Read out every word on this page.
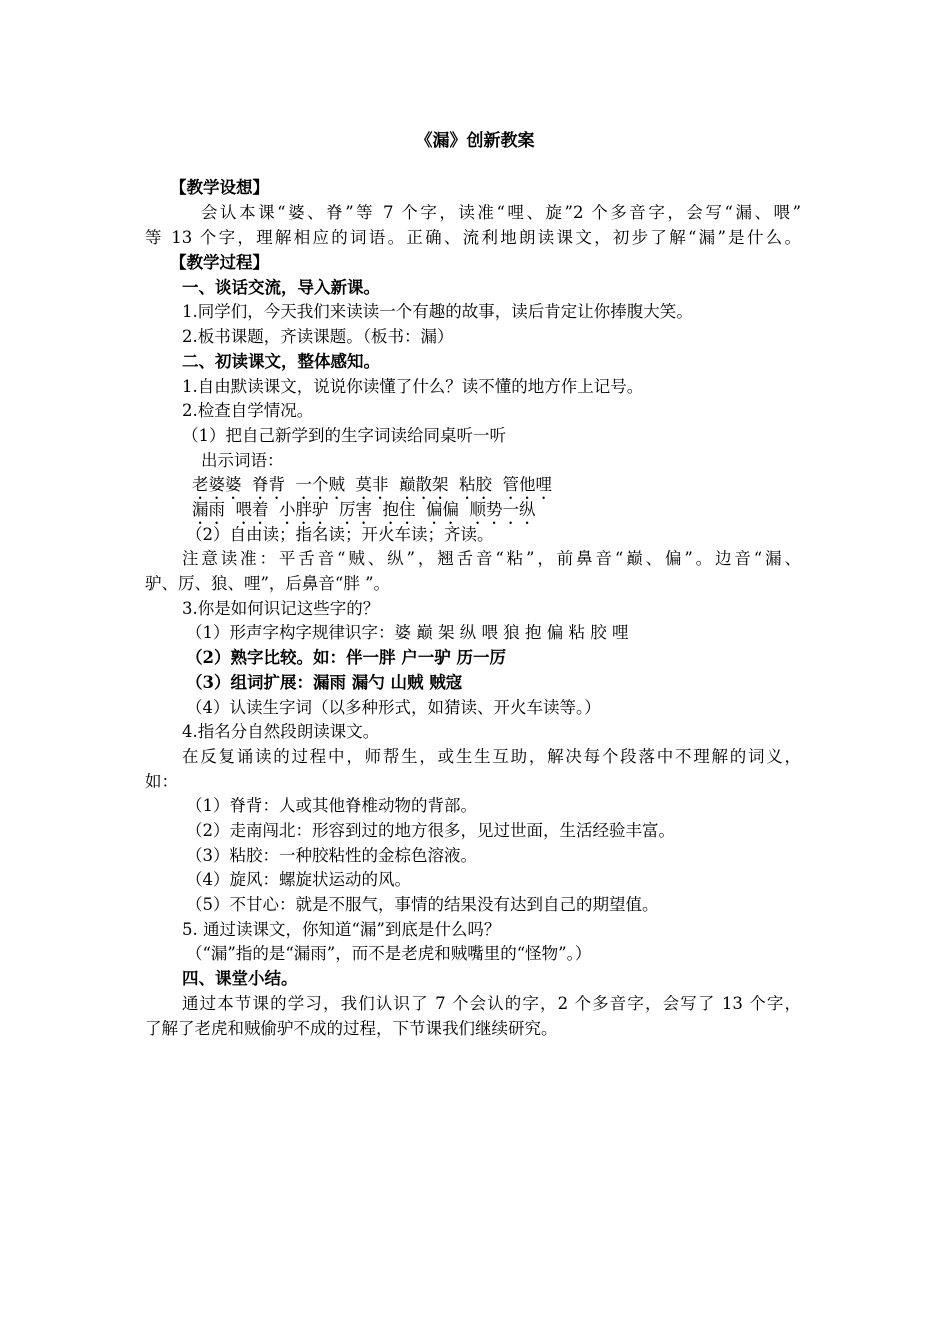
《漏》创新教案
【教学设想】
会认本课“婆、脊”等 7 个字，读准“哩、旋”2 个多音字，会写“漏、喂”
等 13 个字，理解相应的词语。正确、流利地朗读课文，初步了解“漏”是什么。
【教学过程】
一、谈话交流，导入新课。
1.同学们，今天我们来读读一个有趣的故事，读后肯定让你捧腹大笑。
2.板书课题，齐读课题。（板书：漏）
二、初读课文，整体感知。
1.自由默读课文，说说你读懂了什么？读不懂的地方作上记号。
2.检查自学情况。
（1）把自己新学到的生字词读给同桌听一听
出示词语：
老婆婆 脊背 一个贼 莫非 巅散架 粘胶 管他哩
漏雨 喂着 小胖驴 厉害 抱住 偏偏 顺势一纵
（2）自由读；指名读；开火车读；齐读。
注意读准：平舌音“贼、纵”，翘舌音“粘”，前鼻音“巅、偏”。边音“漏、
驴、厉、狼、哩”，后鼻音“胖 ”。
3.你是如何识记这些字的？
（1）形声字构字规律识字：婆 巅 架 纵 喂 狼 抱 偏 粘 胶 哩
（2）熟字比较。如：伴一胖 户一驴 历一厉
（3）组词扩展：漏雨 漏勺 山贼 贼寇
（4）认读生字词（以多种形式，如猜读、开火车读等。）
4.指名分自然段朗读课文。
在反复诵读的过程中，师帮生，或生生互助，解决每个段落中不理解的词义，
如：
（1）脊背：人或其他脊椎动物的背部。
（2）走南闯北：形容到过的地方很多，见过世面，生活经验丰富。
（3）粘胶：一种胶粘性的金棕色溶液。
（4）旋风：螺旋状运动的风。
（5）不甘心：就是不服气，事情的结果没有达到自己的期望值。
5. 通过读课文，你知道“漏”到底是什么吗？
（“漏”指的是“漏雨”，而不是老虎和贼嘴里的“怪物”。）
四、课堂小结。
通过本节课的学习，我们认识了 7 个会认的字，2 个多音字，会写了 13 个字，
了解了老虎和贼偷驴不成的过程，下节课我们继续研究。
